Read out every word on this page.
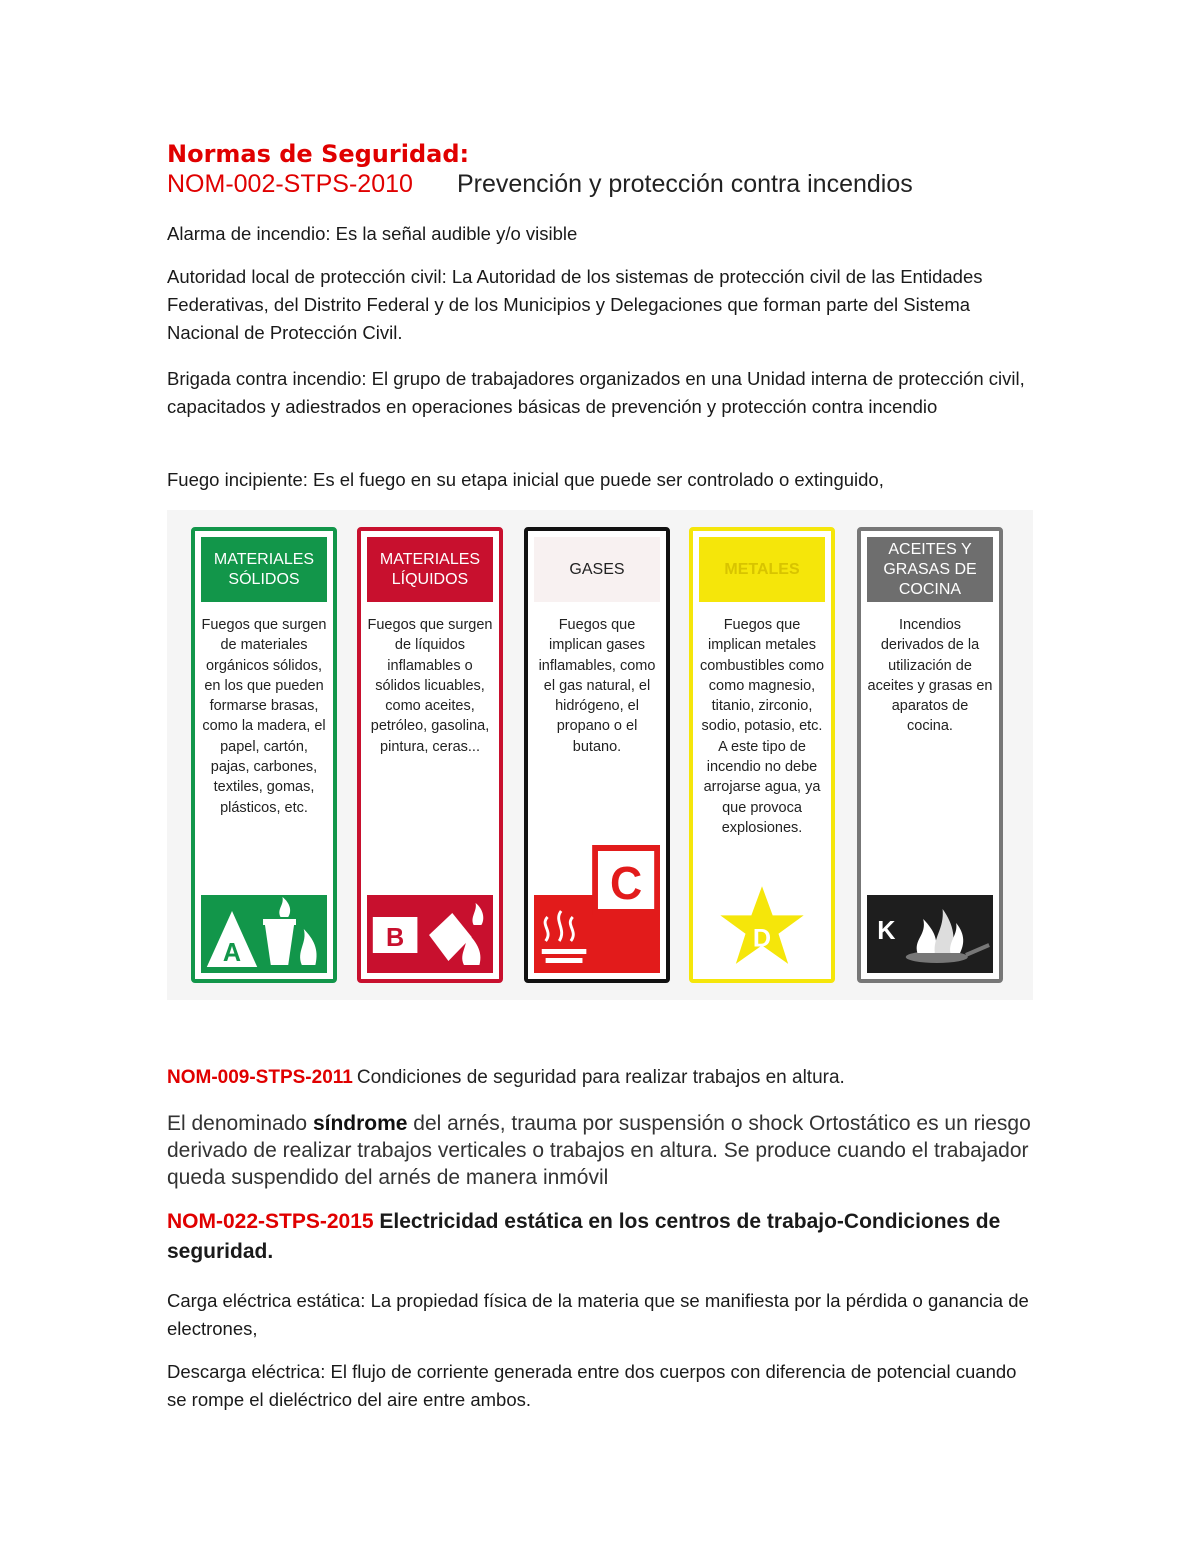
Normas de Seguridad:

NOM-002-STPS-2010 Prevención y protección contra incendios

Alarma de incendio: Es la señal audible y/o visible

Autoridad local de protección civil: La Autoridad de los sistemas de protección civil de las Entidades Federativas, del Distrito Federal y de los Municipios y Delegaciones que forman parte del Sistema Nacional de Protección Civil.

Brigada contra incendio: El grupo de trabajadores organizados en una Unidad interna de protección civil, capacitados y adiestrados en operaciones básicas de prevención y protección contra incendio

Fuego incipiente: Es el fuego en su etapa inicial que puede ser controlado o extinguido,

MATERIALES SÓLIDOS
Fuegos que surgen de materiales orgánicos sólidos, en los que pueden formarse brasas, como la madera, el papel, cartón, pajas, carbones, textiles, gomas, plásticos, etc.
A
MATERIALES LÍQUIDOS
Fuegos que surgen de líquidos inflamables o sólidos licuables, como aceites, petróleo, gasolina, pintura, ceras...
B
GASES
Fuegos que implican gases inflamables, como el gas natural, el hidrógeno, el propano o el butano.
C
METALES
Fuegos que implican metales combustibles como como magnesio, titanio, zirconio, sodio, potasio, etc. A este tipo de incendio no debe arrojarse agua, ya que provoca explosiones.
D
ACEITES Y GRASAS DE COCINA
Incendios derivados de la utilización de aceites y grasas en aparatos de cocina.
K

NOM-009-STPS-2011 Condiciones de seguridad para realizar trabajos en altura.

El denominado síndrome del arnés, trauma por suspensión o shock Ortostático es un riesgo derivado de realizar trabajos verticales o trabajos en altura. Se produce cuando el trabajador queda suspendido del arnés de manera inmóvil

NOM-022-STPS-2015 Electricidad estática en los centros de trabajo-Condiciones de seguridad.

Carga eléctrica estática: La propiedad física de la materia que se manifiesta por la pérdida o ganancia de electrones,

Descarga eléctrica: El flujo de corriente generada entre dos cuerpos con diferencia de potencial cuando se rompe el dieléctrico del aire entre ambos.
